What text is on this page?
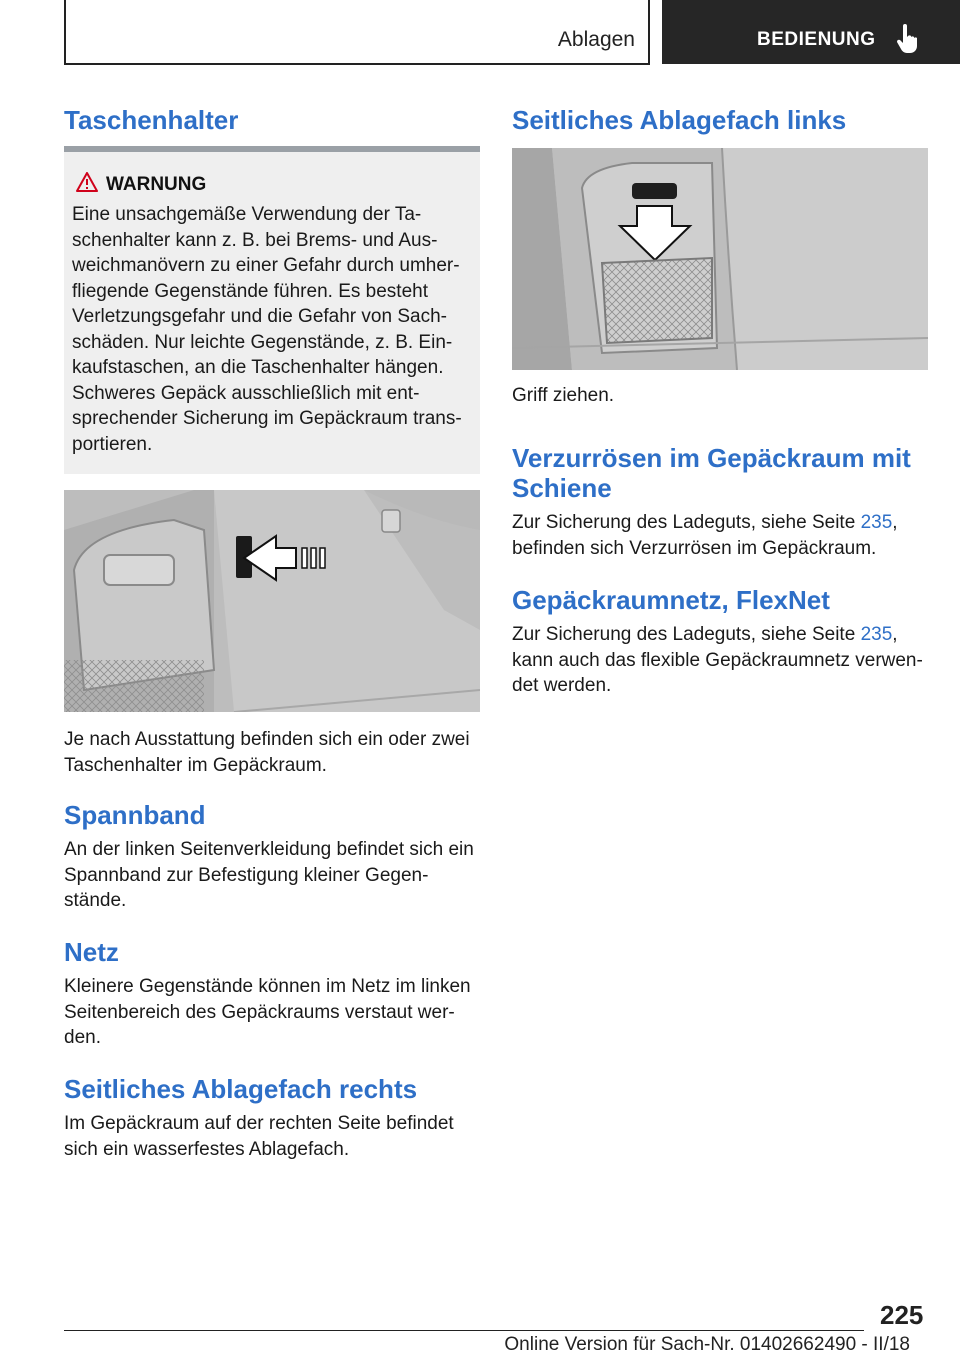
Ablagen	BEDIENUNG
Taschenhalter
WARNUNG
Eine unsachgemäße Verwendung der Ta- schenhalter kann z. B. bei Brems- und Aus- weichmanövern zu einer Gefahr durch umher- fliegende Gegenstände führen. Es besteht Verletzungsgefahr und die Gefahr von Sach- schäden. Nur leichte Gegenstände, z. B. Ein- kaufstaschen, an die Taschenhalter hängen. Schweres Gepäck ausschließlich mit ent- sprechender Sicherung im Gepäckraum trans- portieren.

Je nach Ausstattung befinden sich ein oder zwei Taschenhalter im Gepäckraum.

Spannband

An der linken Seitenverkleidung befindet sich ein Spannband zur Befestigung kleiner Gegen- stände.

Netz

Kleinere Gegenstände können im Netz im linken Seitenbereich des Gepäckraums verstaut wer- den.

Seitliches Ablagefach rechts

Im Gepäckraum auf der rechten Seite befindet sich ein wasserfestes Ablagefach.

Seitliches Ablagefach links

Griff ziehen.

Verzurrösen im Gepäckraum mit Schiene

Zur Sicherung des Ladeguts, siehe Seite 235, befinden sich Verzurrösen im Gepäckraum.

Gepäckraumnetz, FlexNet

Zur Sicherung des Ladeguts, siehe Seite 235, kann auch das flexible Gepäckraumnetz verwen- det werden.

225
Online Version für Sach-Nr. 01402662490 - II/18
